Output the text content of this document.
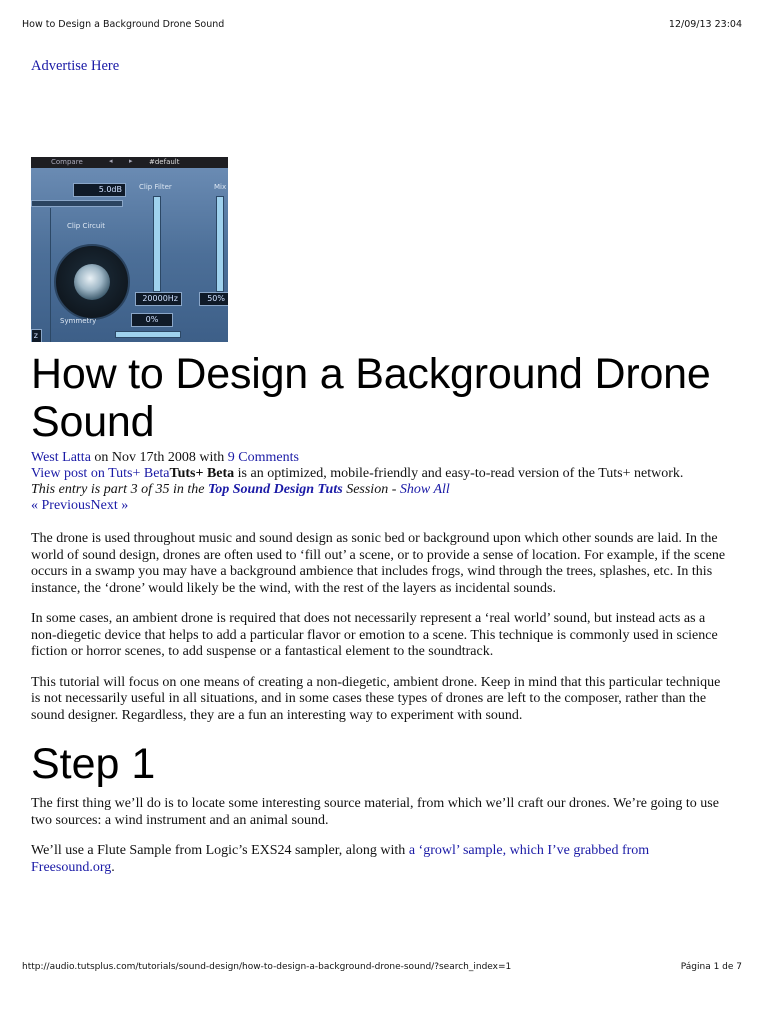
How to Design a Background Drone Sound	12/09/13 23:04

Advertise Here

Compare	◂ ▸ #default
5.0dB	Clip Filter	Mix
Clip Circuit
20000Hz	50%
Symmetry	0%
z
How to Design a Background Drone Sound

West Latta on Nov 17th 2008 with 9 Comments

View post on Tuts+ BetaTuts+ Beta is an optimized, mobile-friendly and easy-to-read version of the Tuts+ network.

This entry is part 3 of 35 in the Top Sound Design Tuts Session - Show All

« PreviousNext »

The drone is used throughout music and sound design as sonic bed or background upon which other sounds are laid. In the world of sound design, drones are often used to ‘fill out’ a scene, or to provide a sense of location. For example, if the scene occurs in a swamp you may have a background ambience that includes frogs, wind through the trees, splashes, etc. In this instance, the ‘drone’ would likely be the wind, with the rest of the layers as incidental sounds.

In some cases, an ambient drone is required that does not necessarily represent a ‘real world’ sound, but instead acts as a non-diegetic device that helps to add a particular flavor or emotion to a scene. This technique is commonly used in science fiction or horror scenes, to add suspense or a fantastical element to the soundtrack.

This tutorial will focus on one means of creating a non-diegetic, ambient drone. Keep in mind that this particular technique is not necessarily useful in all situations, and in some cases these types of drones are left to the composer, rather than the sound designer. Regardless, they are a fun an interesting way to experiment with sound.

Step 1

The first thing we’ll do is to locate some interesting source material, from which we’ll craft our drones. We’re going to use two sources: a wind instrument and an animal sound.

We’ll use a Flute Sample from Logic’s EXS24 sampler, along with a ‘growl’ sample, which I’ve grabbed from Freesound.org.

http://audio.tutsplus.com/tutorials/sound-design/how-to-design-a-background-drone-sound/?search_index=1	Página 1 de 7
